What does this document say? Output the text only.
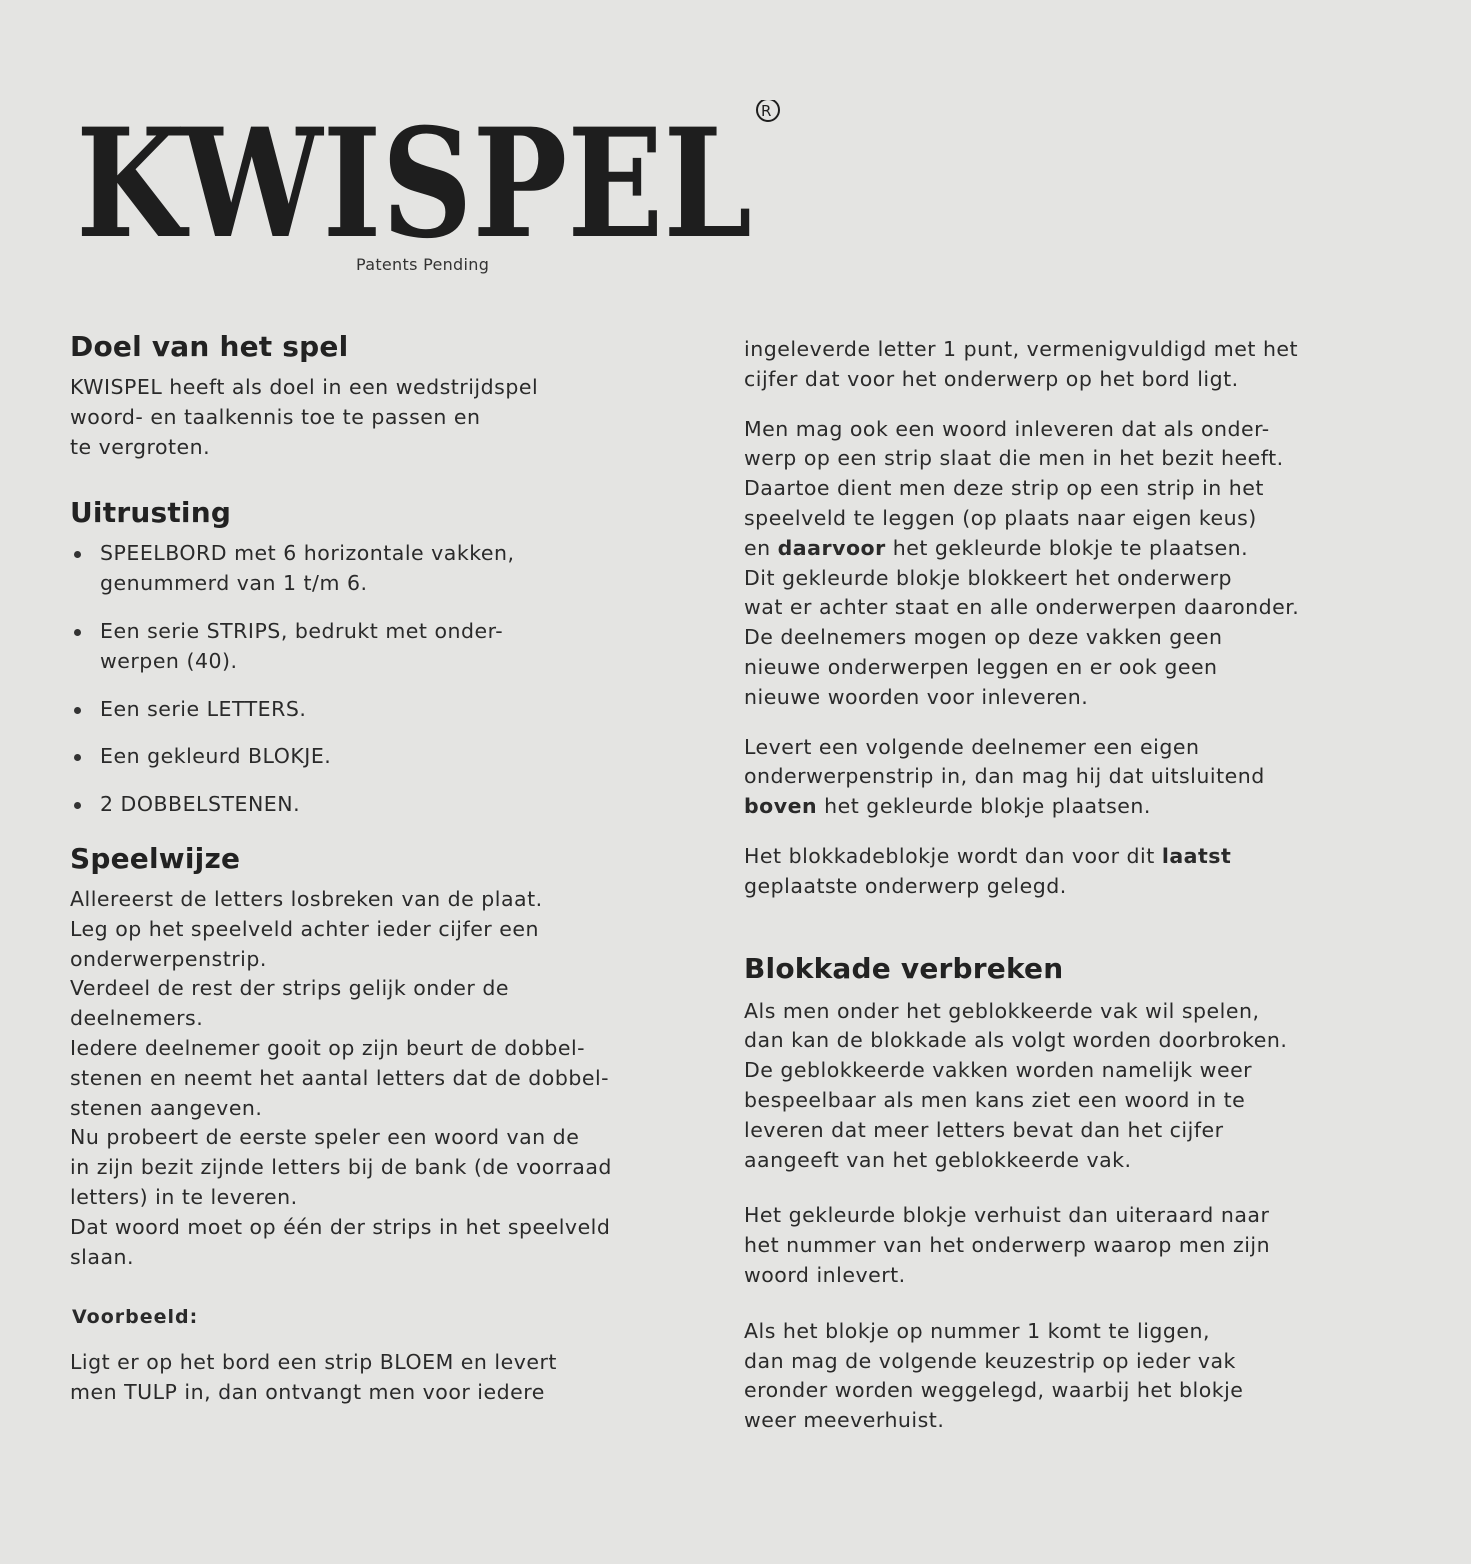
KWISPEL R
Patents Pending
Doel van het spel

KWISPEL heeft als doel in een wedstrijdspel
woord- en taalkennis toe te passen en
te vergroten.

Uitrusting
SPEELBORD met 6 horizontale vakken,
genummerd van 1 t/m 6.
Een serie STRIPS, bedrukt met onder-
werpen (40).
Een serie LETTERS.
Een gekleurd BLOKJE.
2 DOBBELSTENEN.
Speelwijze

Allereerst de letters losbreken van de plaat.
Leg op het speelveld achter ieder cijfer een
onderwerpenstrip.
Verdeel de rest der strips gelijk onder de
deelnemers.
Iedere deelnemer gooit op zijn beurt de dobbel-
stenen en neemt het aantal letters dat de dobbel-
stenen aangeven.
Nu probeert de eerste speler een woord van de
in zijn bezit zijnde letters bij de bank (de voorraad
letters) in te leveren.
Dat woord moet op één der strips in het speelveld
slaan.

Voorbeeld:

Ligt er op het bord een strip BLOEM en levert
men TULP in, dan ontvangt men voor iedere

ingeleverde letter 1 punt, vermenigvuldigd met het
cijfer dat voor het onderwerp op het bord ligt.

Men mag ook een woord inleveren dat als onder-
werp op een strip slaat die men in het bezit heeft.
Daartoe dient men deze strip op een strip in het
speelveld te leggen (op plaats naar eigen keus)
en daarvoor het gekleurde blokje te plaatsen.
Dit gekleurde blokje blokkeert het onderwerp
wat er achter staat en alle onderwerpen daaronder.
De deelnemers mogen op deze vakken geen
nieuwe onderwerpen leggen en er ook geen
nieuwe woorden voor inleveren.

Levert een volgende deelnemer een eigen
onderwerpenstrip in, dan mag hij dat uitsluitend
boven het gekleurde blokje plaatsen.

Het blokkadeblokje wordt dan voor dit laatst
geplaatste onderwerp gelegd.

Blokkade verbreken

Als men onder het geblokkeerde vak wil spelen,
dan kan de blokkade als volgt worden doorbroken.
De geblokkeerde vakken worden namelijk weer
bespeelbaar als men kans ziet een woord in te
leveren dat meer letters bevat dan het cijfer
aangeeft van het geblokkeerde vak.

Het gekleurde blokje verhuist dan uiteraard naar
het nummer van het onderwerp waarop men zijn
woord inlevert.

Als het blokje op nummer 1 komt te liggen,
dan mag de volgende keuzestrip op ieder vak
eronder worden weggelegd, waarbij het blokje
weer meeverhuist.
